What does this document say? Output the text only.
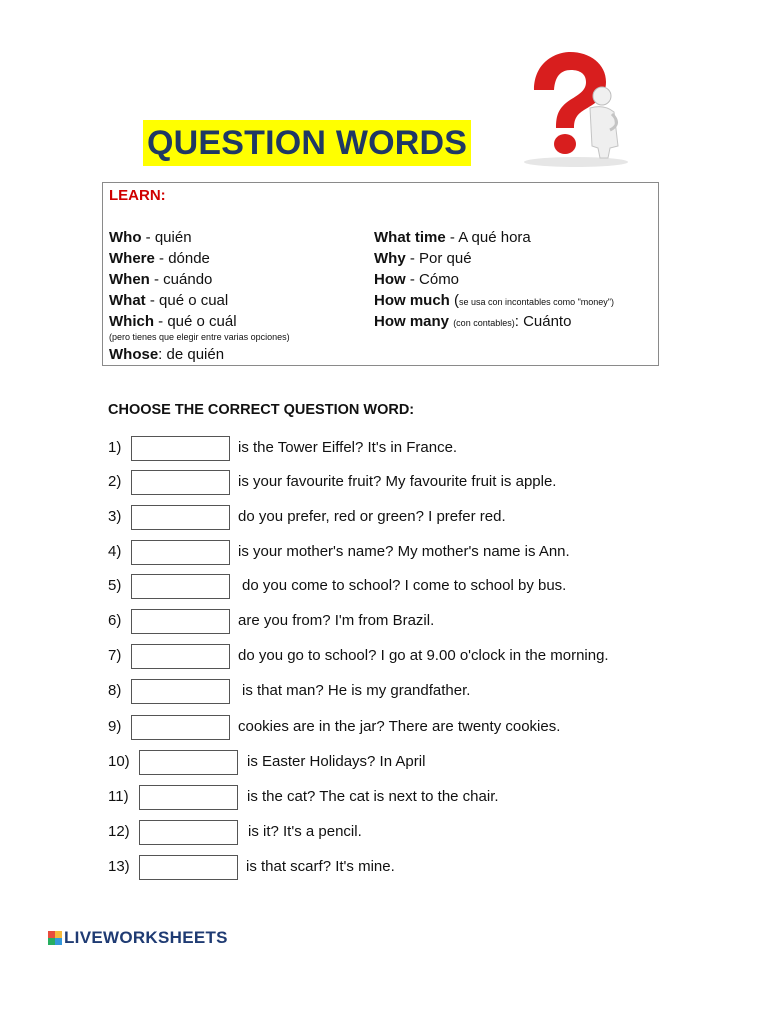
QUESTION WORDS
LEARN:
Who - quién
Where - dónde
When - cuándo
What - qué o cual
Which - qué o cuál
(pero tienes que elegir entre varias opciones)
Whose: de quién
What time - A qué hora
Why - Por qué
How - Cómo
How much (se usa con incontables como "money")
How many (con contables): Cuánto
CHOOSE THE CORRECT QUESTION WORD:
1)	is the Tower Eiffel? It's in France.
2)	is your favourite fruit? My favourite fruit is apple.
3)	do you prefer, red or green? I prefer red.
4)	is your mother's name? My mother's name is Ann.
5)	do you come to school? I come to school by bus.
6)	are you from? I'm from Brazil.
7)	do you go to school? I go at 9.00 o'clock in the morning.
8)	is that man? He is my grandfather.
9)	cookies are in the jar? There are twenty cookies.
10)	is Easter Holidays? In April
11)	is the cat? The cat is next to the chair.
12)	is it? It's a pencil.
13)	is that scarf? It's mine.
LIVEWORKSHEETS
